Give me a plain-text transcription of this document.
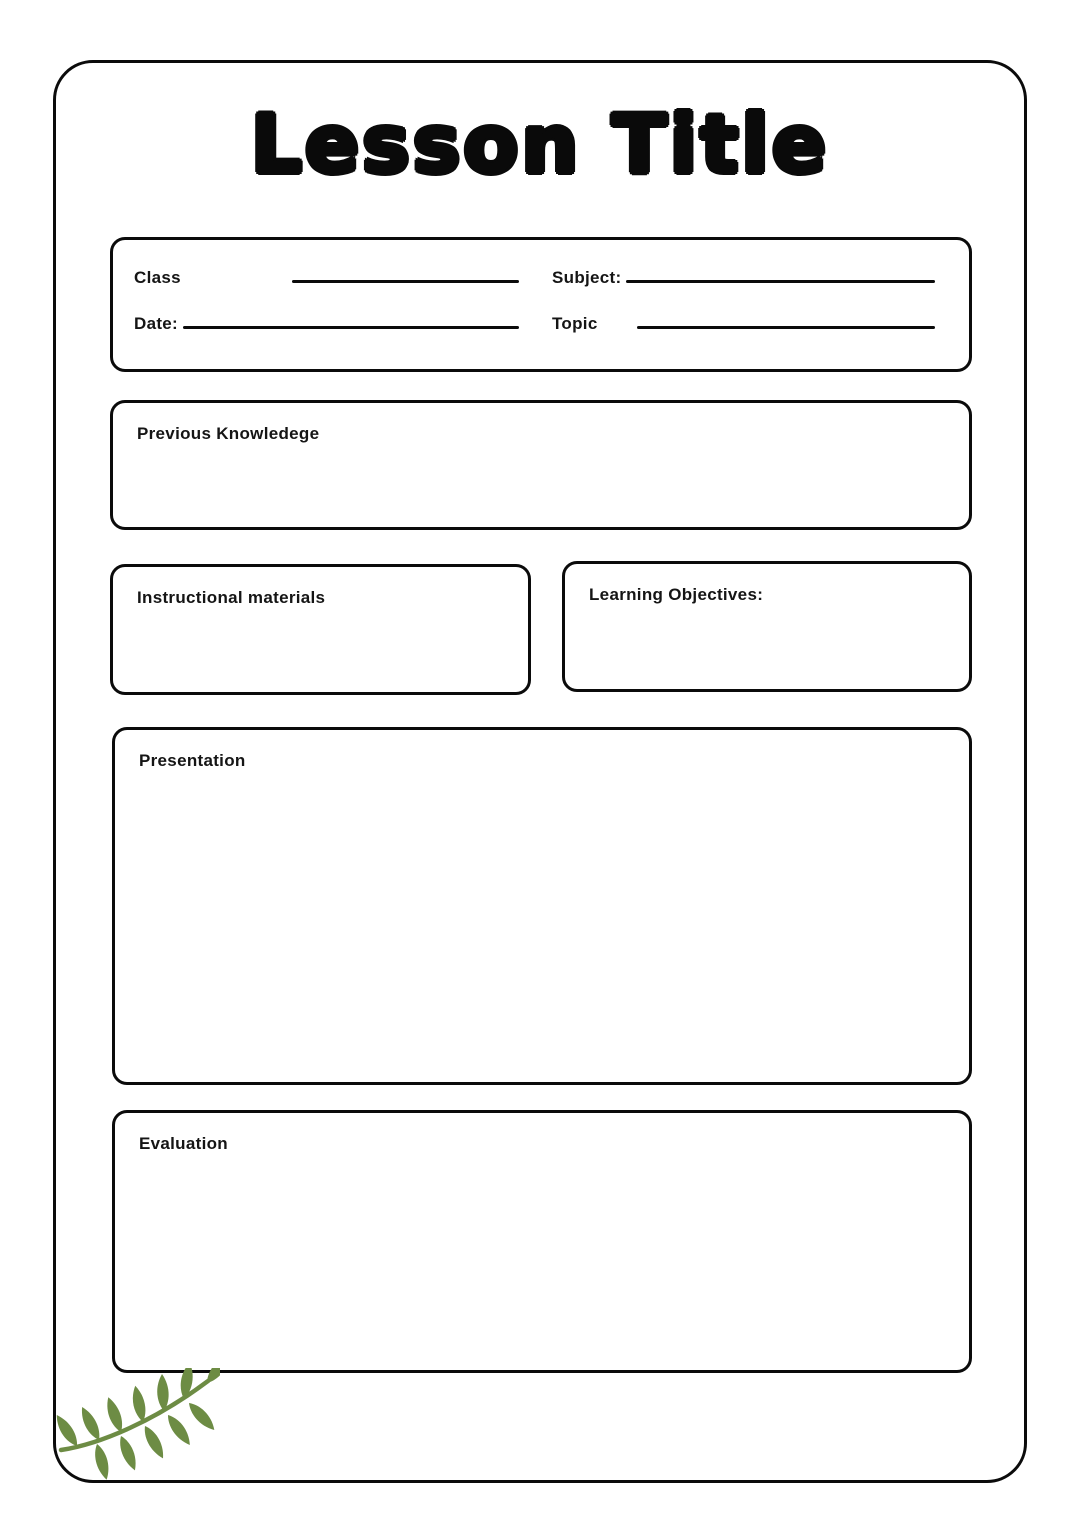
Lesson Title
Class	Subject:
Date:	Topic
Previous Knowledege
Instructional materials	Learning Objectives:
Presentation
Evaluation
